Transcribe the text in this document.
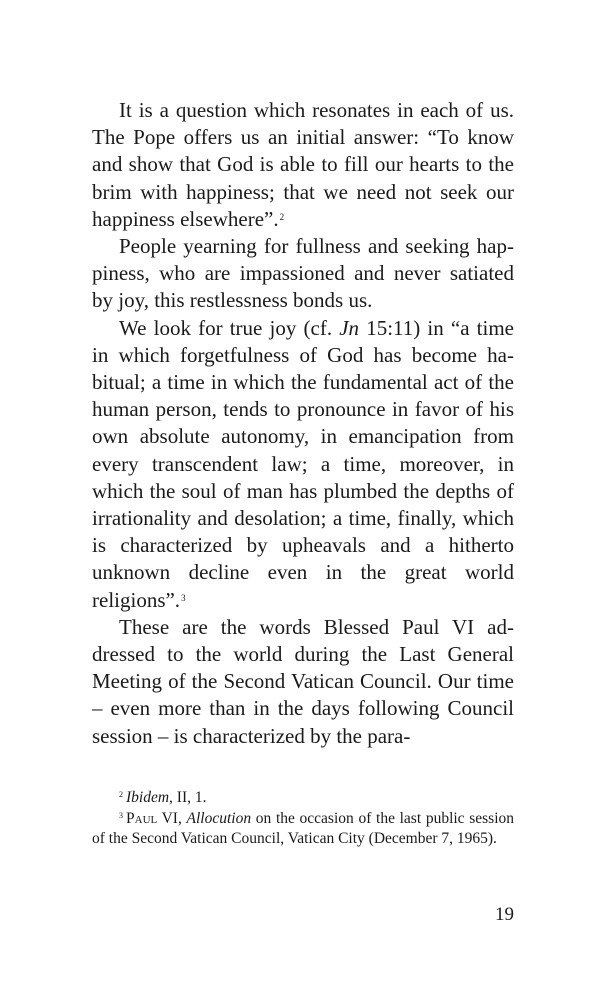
It is a question which resonates in each of us. The Pope offers us an initial answer: “To know and show that God is able to fill our hearts to the brim with happiness; that we need not seek our happiness elsewhere”.$^2$

People yearning for fullness and seeking happiness, who are impassioned and never satiated by joy, this restlessness bonds us.

We look for true joy (cf. Jn 15:11) in “a time in which forgetfulness of God has become habitual; a time in which the fundamental act of the human person, tends to pronounce in favor of his own absolute autonomy, in emancipation from every transcendent law; a time, moreover, in which the soul of man has plumbed the depths of irrationality and desolation; a time, finally, which is characterized by upheavals and a hitherto unknown decline even in the great world religions”.$^3$

These are the words Blessed Paul VI addressed to the world during the Last General Meeting of the Second Vatican Council. Our time – even more than in the days following Council session – is characterized by the para-

$^2$ Ibidem, II, 1.

$^3$ Paul VI, Allocution on the occasion of the last public session of the Second Vatican Council, Vatican City (December 7, 1965).

19
